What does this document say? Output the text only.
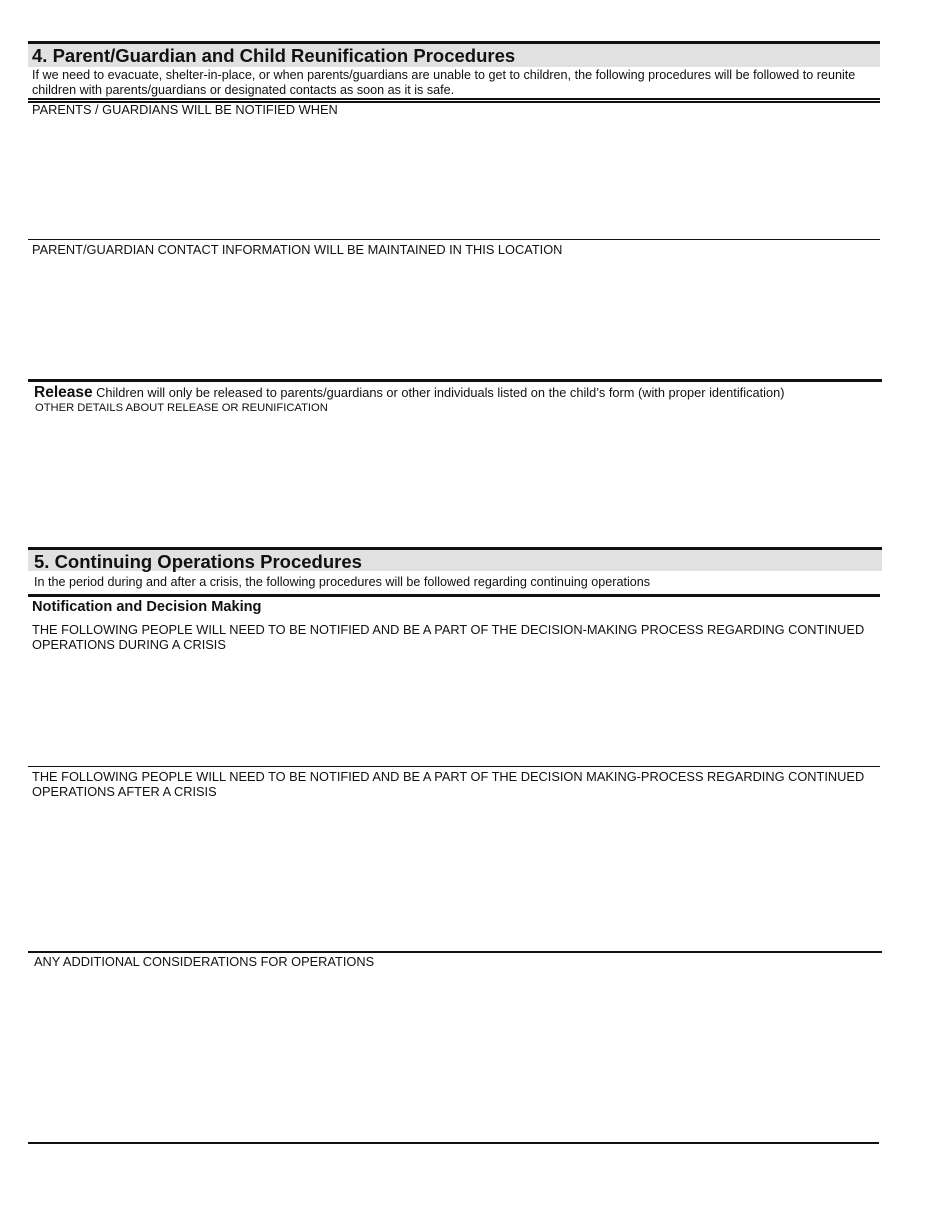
4. Parent/Guardian and Child Reunification Procedures
If we need to evacuate, shelter-in-place, or when parents/guardians are unable to get to children, the following procedures will be followed to reunite
children with parents/guardians or designated contacts as soon as it is safe.
PARENTS / GUARDIANS WILL BE NOTIFIED WHEN
PARENT/GUARDIAN CONTACT INFORMATION WILL BE MAINTAINED IN THIS LOCATION
Release Children will only be released to parents/guardians or other individuals listed on the child’s form (with proper identification)
OTHER DETAILS ABOUT RELEASE OR REUNIFICATION
5. Continuing Operations Procedures
In the period during and after a crisis, the following procedures will be followed regarding continuing operations
Notification and Decision Making
THE FOLLOWING PEOPLE WILL NEED TO BE NOTIFIED AND BE A PART OF THE DECISION-MAKING PROCESS REGARDING CONTINUED
OPERATIONS DURING A CRISIS
THE FOLLOWING PEOPLE WILL NEED TO BE NOTIFIED AND BE A PART OF THE DECISION MAKING-PROCESS REGARDING CONTINUED
OPERATIONS AFTER A CRISIS
ANY ADDITIONAL CONSIDERATIONS FOR OPERATIONS
